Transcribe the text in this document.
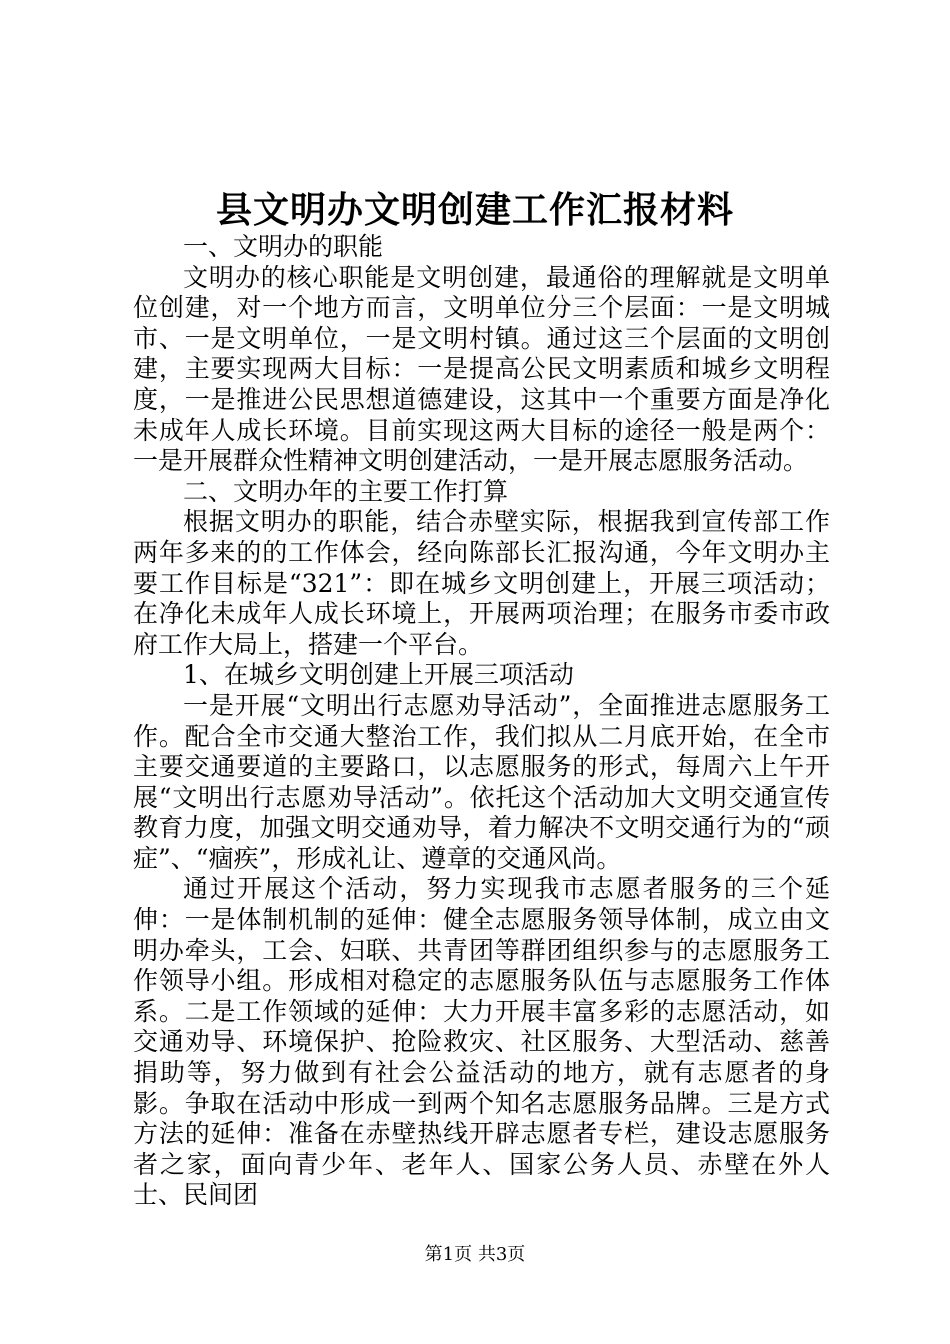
县文明办文明创建工作汇报材料

一、文明办的职能

文明办的核心职能是文明创建，最通俗的理解就是文明单位创建，对一个地方而言，文明单位分三个层面：一是文明城市、一是文明单位，一是文明村镇。通过这三个层面的文明创建，主要实现两大目标：一是提高公民文明素质和城乡文明程度，一是推进公民思想道德建设，这其中一个重要方面是净化未成年人成长环境。目前实现这两大目标的途径一般是两个：一是开展群众性精神文明创建活动，一是开展志愿服务活动。

二、文明办年的主要工作打算

根据文明办的职能，结合赤壁实际，根据我到宣传部工作两年多来的的工作体会，经向陈部长汇报沟通，今年文明办主要工作目标是“321”：即在城乡文明创建上，开展三项活动；在净化未成年人成长环境上，开展两项治理；在服务市委市政府工作大局上，搭建一个平台。

1、在城乡文明创建上开展三项活动

一是开展“文明出行志愿劝导活动”，全面推进志愿服务工作。配合全市交通大整治工作，我们拟从二月底开始，在全市主要交通要道的主要路口，以志愿服务的形式，每周六上午开展“文明出行志愿劝导活动”。依托这个活动加大文明交通宣传教育力度，加强文明交通劝导，着力解决不文明交通行为的“顽症”、“痼疾”，形成礼让、遵章的交通风尚。

通过开展这个活动，努力实现我市志愿者服务的三个延伸：一是体制机制的延伸：健全志愿服务领导体制，成立由文明办牵头，工会、妇联、共青团等群团组织参与的志愿服务工作领导小组。形成相对稳定的志愿服务队伍与志愿服务工作体系。二是工作领域的延伸：大力开展丰富多彩的志愿活动，如交通劝导、环境保护、抢险救灾、社区服务、大型活动、慈善捐助等，努力做到有社会公益活动的地方，就有志愿者的身影。争取在活动中形成一到两个知名志愿服务品牌。三是方式方法的延伸：准备在赤壁热线开辟志愿者专栏，建设志愿服务者之家，面向青少年、老年人、国家公务人员、赤壁在外人士、民间团

第1页 共3页
